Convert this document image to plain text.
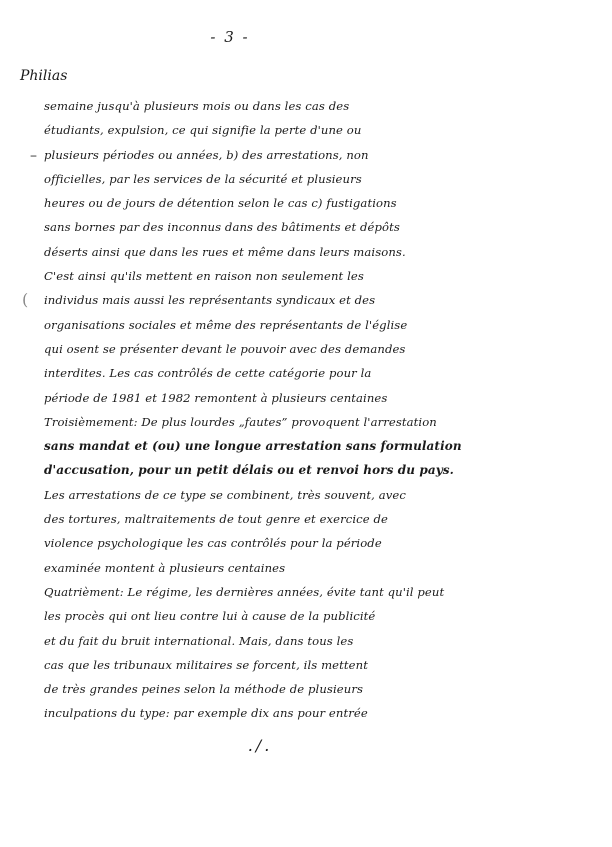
- 3 -
Philias
–
(
semaine jusqu'à plusieurs mois ou dans les cas des
étudiants, expulsion, ce qui signifie la perte d'une ou
plusieurs périodes ou années, b) des arrestations, non
officielles, par les services de la sécurité et plusieurs
heures ou de jours de détention selon le cas c) fustigations
sans bornes par des inconnus dans des bâtiments et dépôts
déserts ainsi que dans les rues et même dans leurs maisons.
C'est ainsi qu'ils mettent en raison non seulement les
individus mais aussi les représentants syndicaux et des
organisations sociales et même des représentants de l'église
qui osent se présenter devant le pouvoir avec des demandes
interdites. Les cas contrôlés de cette catégorie pour la
période de 1981 et 1982 remontent à plusieurs centaines
Troisièmement: De plus lourdes „fautes” provoquent l'arrestation
sans mandat et (ou) une longue arrestation sans formulation
d'accusation, pour un petit délais ou et renvoi hors du pays.
Les arrestations de ce type se combinent, très souvent, avec
des tortures, maltraitements de tout genre et exercice de
violence psychologique les cas contrôlés pour la période
examinée montent à plusieurs centaines
Quatrièment: Le régime, les dernières années, évite tant qu'il peut
les procès qui ont lieu contre lui à cause de la publicité
et du fait du bruit international. Mais, dans tous les
cas que les tribunaux militaires se forcent, ils mettent
de très grandes peines selon la méthode de plusieurs
inculpations du type: par exemple dix ans pour entrée
./.
